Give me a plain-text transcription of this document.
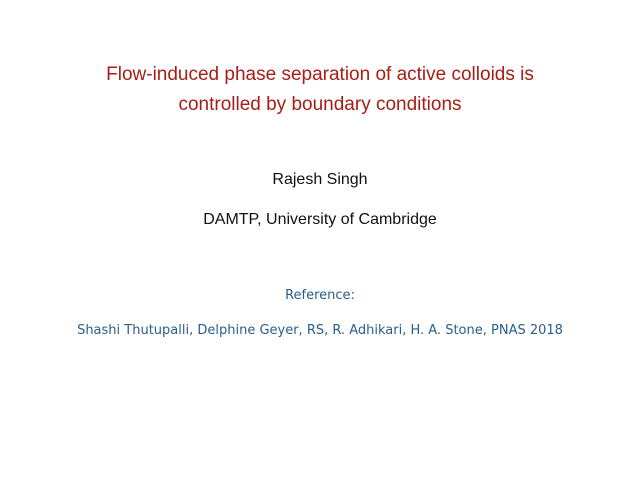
Flow-induced phase separation of active colloids is
controlled by boundary conditions
Rajesh Singh
DAMTP, University of Cambridge
Reference:
Shashi Thutupalli, Delphine Geyer, RS, R. Adhikari, H. A. Stone, PNAS 2018
